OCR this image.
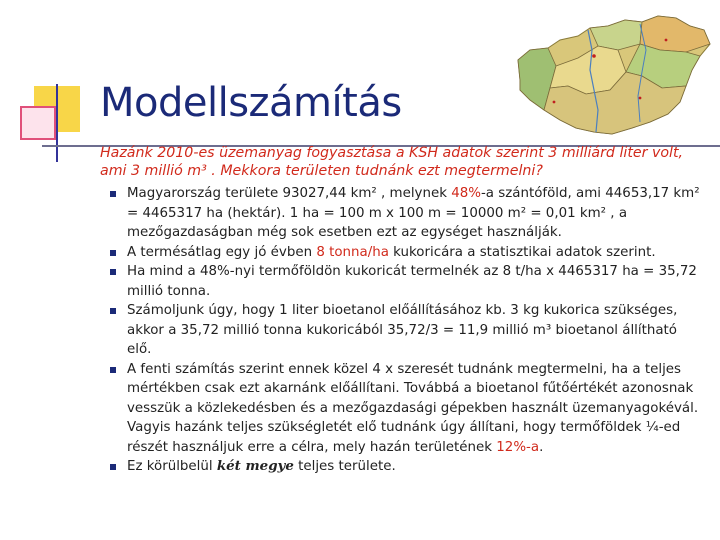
Modellszámítás
Hazánk 2010-es üzemanyag fogyasztása a KSH adatok szerint 3 milliárd liter volt, ami 3 millió m³ . Mekkora területen tudnánk ezt megtermelni?
Magyarország területe 93027,44 km² , melynek 48%-a szántóföld, ami 44653,17 km² = 4465317 ha (hektár). 1 ha = 100 m x 100 m = 10000 m² = 0,01 km² , a mezőgazdaságban még sok esetben ezt az egységet használják.
A termésátlag egy jó évben 8 tonna/ha kukoricára a statisztikai adatok szerint.
Ha mind a 48%-nyi termőföldön kukoricát termelnék az 8 t/ha x 4465317 ha = 35,72 millió tonna.
Számoljunk úgy, hogy 1 liter bioetanol előállításához kb. 3 kg kukorica szükséges, akkor a 35,72 millió tonna kukoricából 35,72/3 = 11,9 millió m³ bioetanol állítható elő.
A fenti számítás szerint ennek közel 4 x szeresét tudnánk megtermelni, ha a teljes mértékben csak ezt akarnánk előállítani. Továbbá a bioetanol fűtőértékét azonosnak vesszük a közlekedésben és a mezőgazdasági gépekben használt üzemanyagokévál. Vagyis hazánk teljes szükségletét elő tudnánk úgy állítani, hogy termőföldek ¼-ed részét használjuk erre a célra, mely hazán területének 12%-a.
Ez körülbelül két megye teljes területe.
